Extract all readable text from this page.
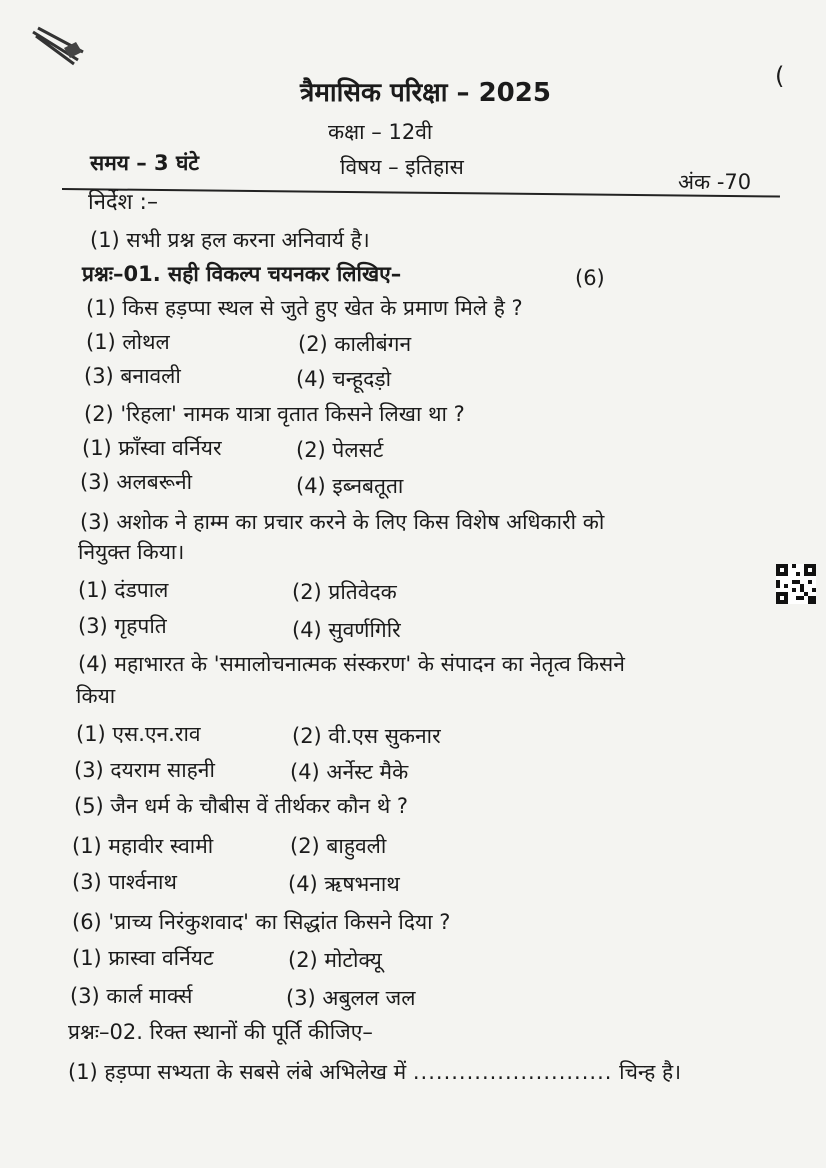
(
त्रैमासिक परिक्षा – 2025
कक्षा – 12वी
समय – 3 घंटे	विषय – इतिहास
अंक -70
निर्देश :–
(1) सभी प्रश्न हल करना अनिवार्य है।
प्रश्नः–01. सही विकल्प चयनकर लिखिए–	(6)
(1) किस हड़प्पा स्थल से जुते हुए खेत के प्रमाण मिले है ?
(1) लोथल	(2) कालीबंगन
(3) बनावली	(4) चन्हूदड़ो
(2) 'रिहला' नामक यात्रा वृतात किसने लिखा था ?
(1) फ्राँस्वा वर्नियर	(2) पेलसर्ट
(3) अलबरूनी	(4) इब्नबतूता
(3) अशोक ने हाम्म का प्रचार करने के लिए किस विशेष अधिकारी को
नियुक्त किया।
(1) दंडपाल	(2) प्रतिवेदक
(3) गृहपति	(4) सुवर्णगिरि
(4) महाभारत के 'समालोचनात्मक संस्करण' के संपादन का नेतृत्व किसने
किया
(1) एस.एन.राव	(2) वी.एस सुकनार
(3) दयराम साहनी	(4) अर्नेस्ट मैके
(5) जैन धर्म के चौबीस वें तीर्थकर कौन थे ?
(1) महावीर स्वामी	(2) बाहुवली
(3) पार्श्वनाथ	(4) ऋषभनाथ
(6) 'प्राच्य निरंकुशवाद' का सिद्धांत किसने दिया ?
(1) फ्रास्वा वर्नियट	(2) मोटोक्यू
(3) कार्ल मार्क्स	(3) अबुलल जल
प्रश्नः–02. रिक्त स्थानों की पूर्ति कीजिए–
(1) हड़प्पा सभ्यता के सबसे लंबे अभिलेख में .......................... चिन्ह है।
